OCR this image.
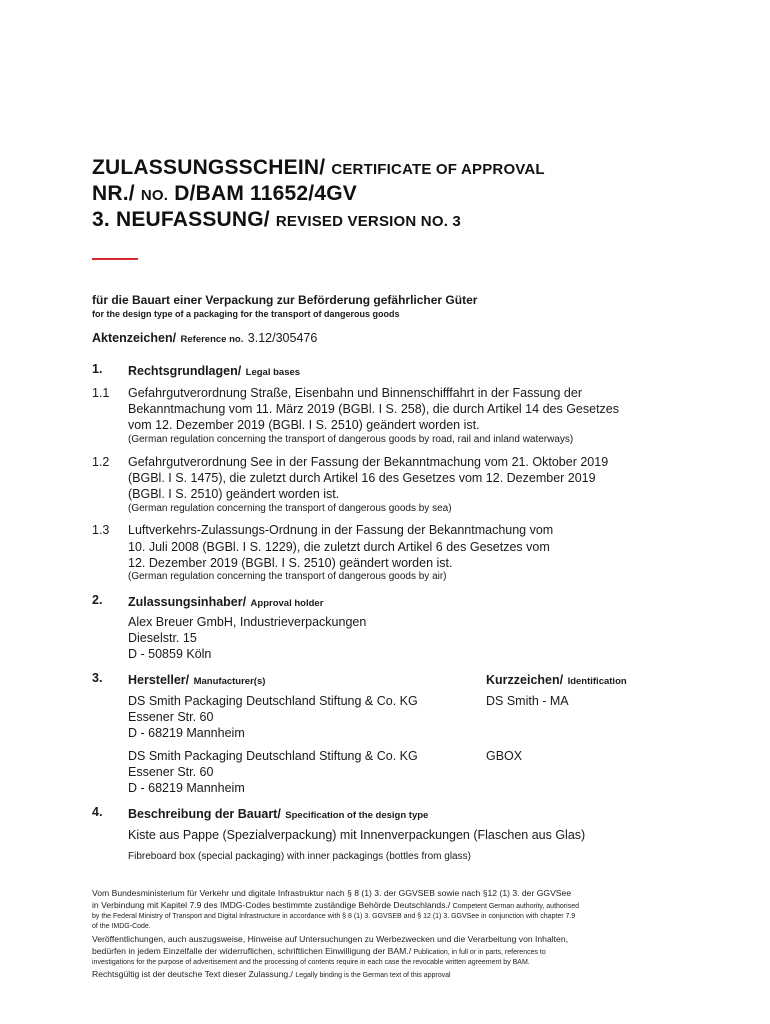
ZULASSUNGSSCHEIN/ CERTIFICATE OF APPROVAL
NR./ NO. D/BAM 11652/4GV
3. NEUFASSUNG/ REVISED VERSION NO. 3
für die Bauart einer Verpackung zur Beförderung gefährlicher Güter
for the design type of a packaging for the transport of dangerous goods
Aktenzeichen/ Reference no. 3.12/305476
1. Rechtsgrundlagen/ Legal bases
1.1 Gefahrgutverordnung Straße, Eisenbahn und Binnenschifffahrt in der Fassung der
Bekanntmachung vom 11. März 2019 (BGBl. I S. 258), die durch Artikel 14 des Gesetzes
vom 12. Dezember 2019 (BGBl. I S. 2510) geändert worden ist.
(German regulation concerning the transport of dangerous goods by road, rail and inland waterways)
1.2 Gefahrgutverordnung See in der Fassung der Bekanntmachung vom 21. Oktober 2019
(BGBl. I S. 1475), die zuletzt durch Artikel 16 des Gesetzes vom 12. Dezember 2019
(BGBl. I S. 2510) geändert worden ist.
(German regulation concerning the transport of dangerous goods by sea)
1.3 Luftverkehrs-Zulassungs-Ordnung in der Fassung der Bekanntmachung vom
10. Juli 2008 (BGBl. I S. 1229), die zuletzt durch Artikel 6 des Gesetzes vom
12. Dezember 2019 (BGBl. I S. 2510) geändert worden ist.
(German regulation concerning the transport of dangerous goods by air)
2. Zulassungsinhaber/ Approval holder
Alex Breuer GmbH, Industrieverpackungen
Dieselstr. 15
D - 50859 Köln
3. Hersteller/ Manufacturer(s)	Kurzzeichen/ Identification
DS Smith Packaging Deutschland Stiftung & Co. KG
Essener Str. 60
D - 68219 Mannheim
DS Smith - MA
DS Smith Packaging Deutschland Stiftung & Co. KG
Essener Str. 60
D - 68219 Mannheim
GBOX
4. Beschreibung der Bauart/ Specification of the design type
Kiste aus Pappe (Spezialverpackung) mit Innenverpackungen (Flaschen aus Glas)
Fibreboard box (special packaging) with inner packagings (bottles from glass)
Vom Bundesministerium für Verkehr und digitale Infrastruktur nach § 8 (1) 3. der GGVSEB sowie nach §12 (1) 3. der GGVSee
in Verbindung mit Kapitel 7.9 des IMDG-Codes bestimmte zuständige Behörde Deutschlands./ Competent German authority, authorised
by the Federal Ministry of Transport and Digital Infrastructure in accordance with § 8 (1) 3. GGVSEB and § 12 (1) 3. GGVSee in conjunction with chapter 7.9
of the IMDG-Code.
Veröffentlichungen, auch auszugsweise, Hinweise auf Untersuchungen zu Werbezwecken und die Verarbeitung von Inhalten,
bedürfen in jedem Einzelfalle der widerruflichen, schriftlichen Einwilligung der BAM./ Publication, in full or in parts, references to
investigations for the purpose of advertisement and the processing of contents require in each case the revocable written agreement by BAM.
Rechtsgültig ist der deutsche Text dieser Zulassung./ Legally binding is the German text of this approval
